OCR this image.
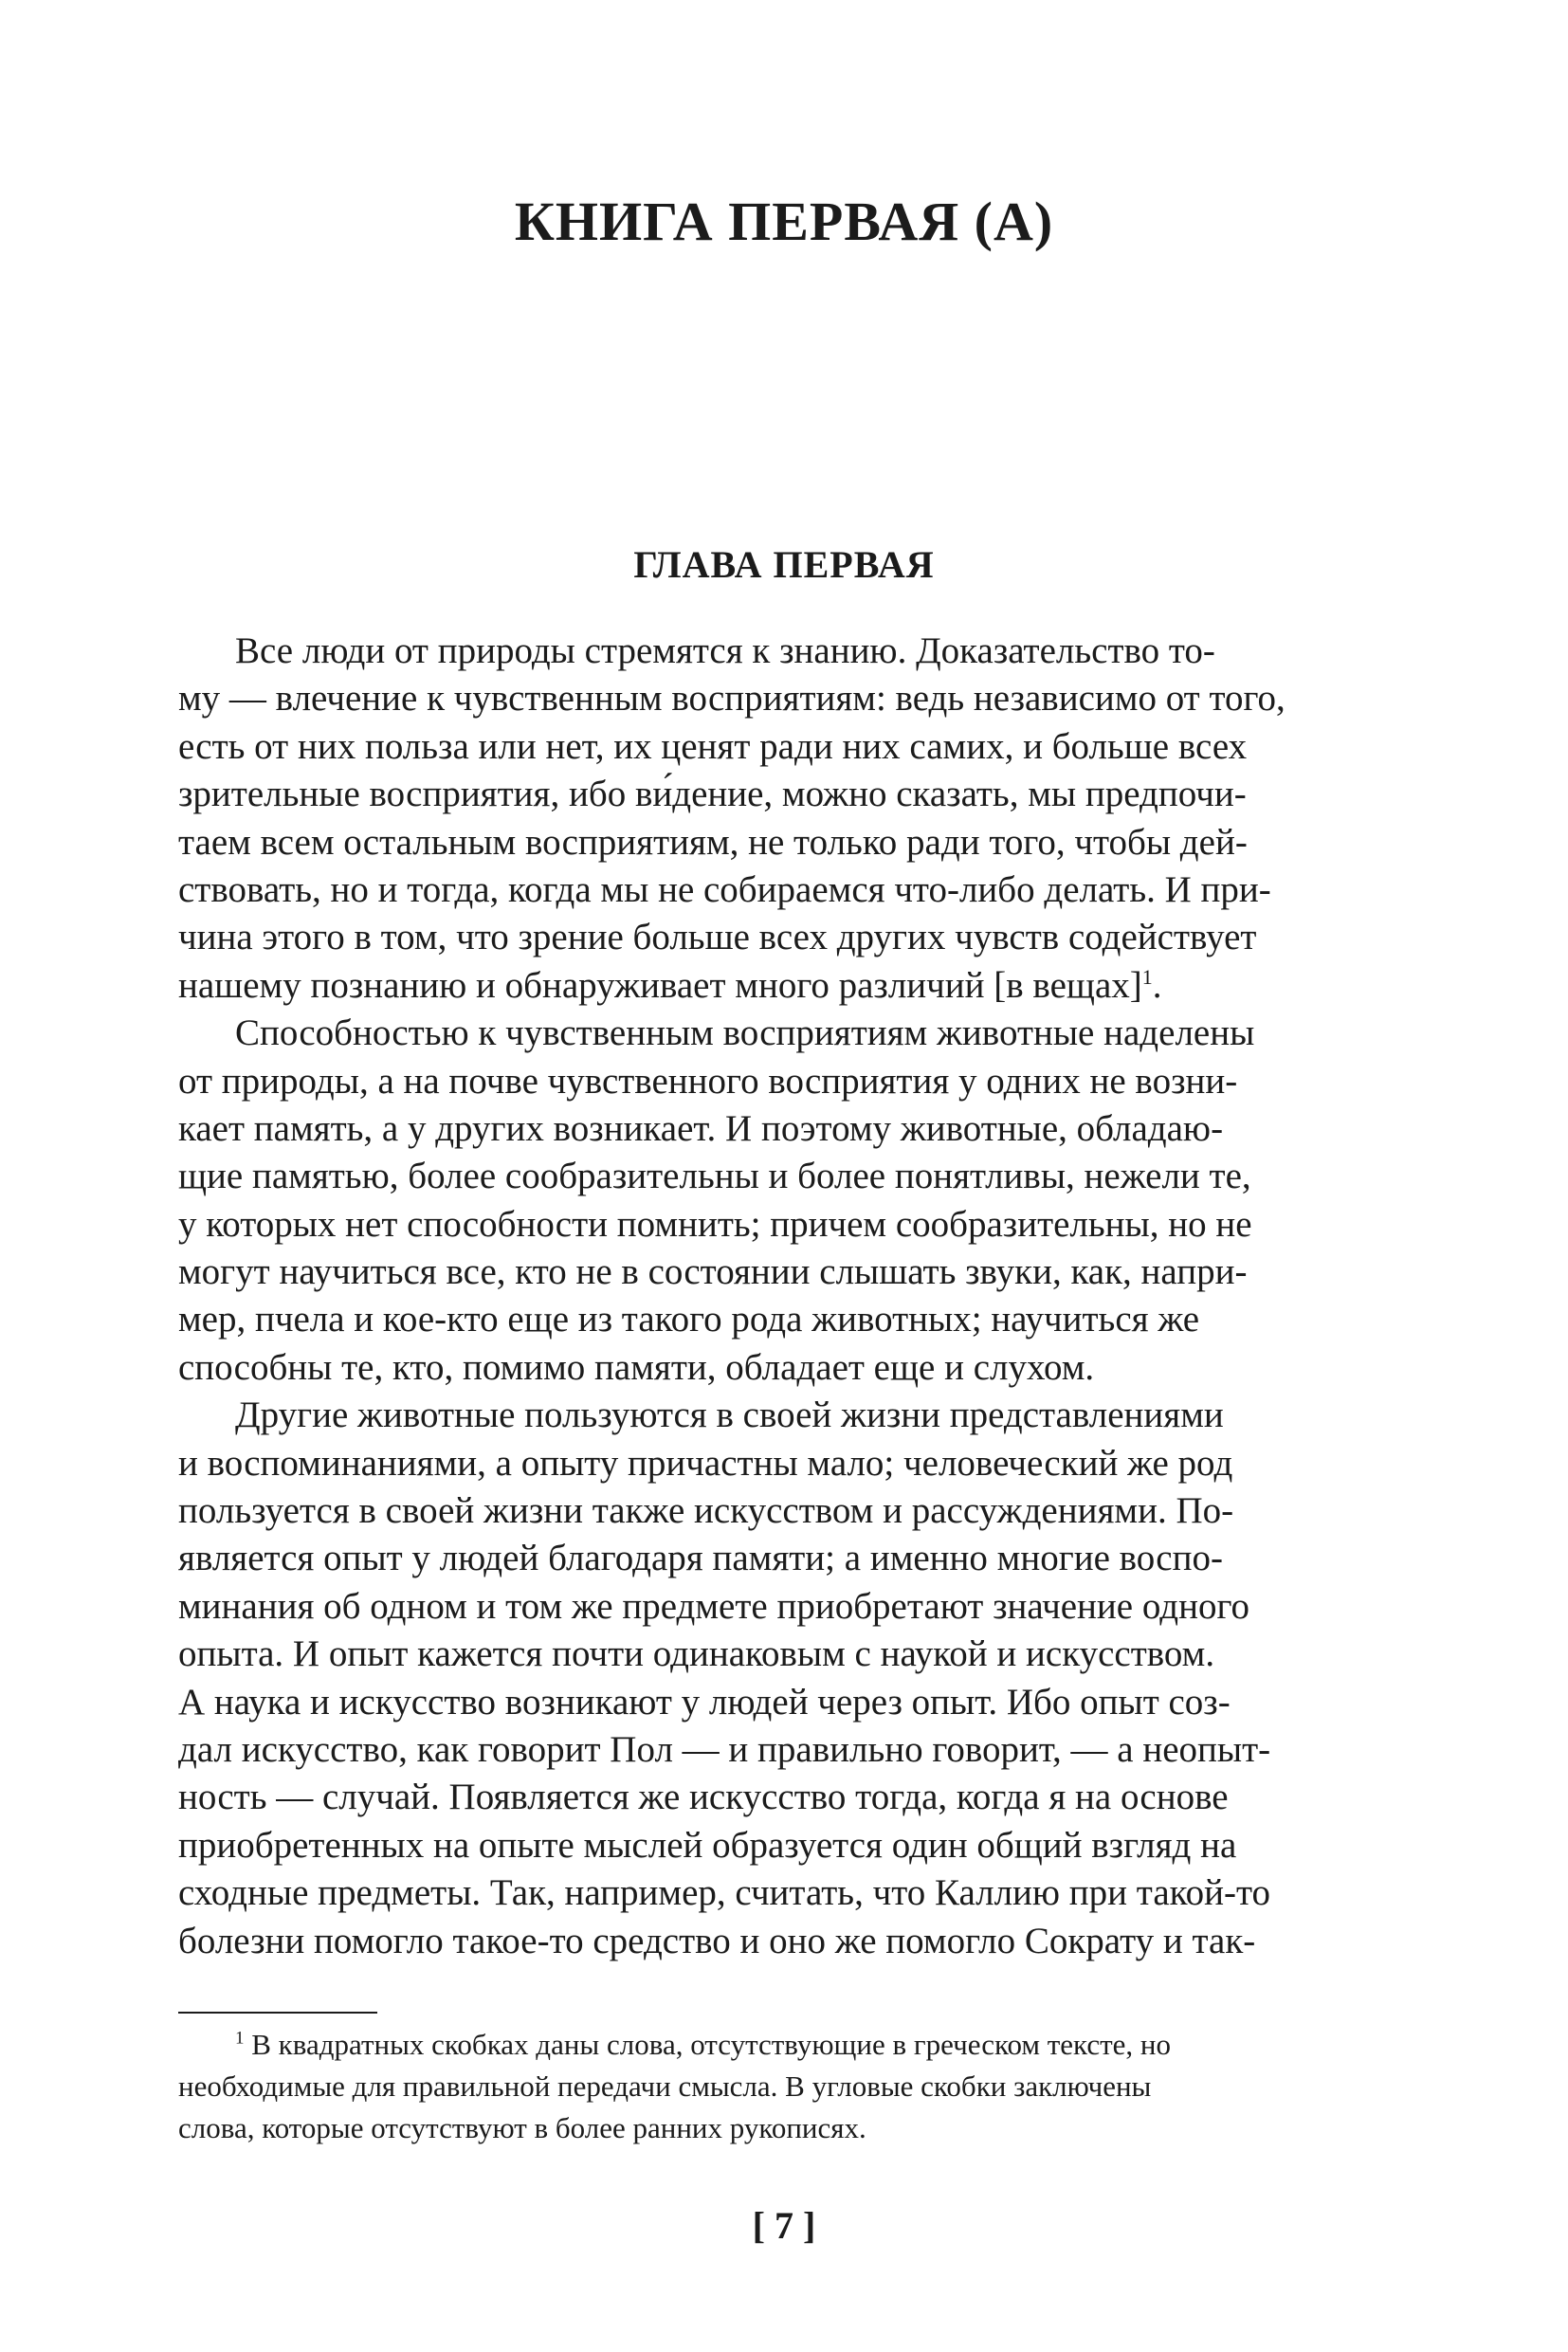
КНИГА ПЕРВАЯ (А)
ГЛАВА ПЕРВАЯ
Все люди от природы стремятся к знанию. Доказательство то-
му — влечение к чувственным восприятиям: ведь независимо от того,
есть от них польза или нет, их ценят ради них самих, и больше всех
зрительные восприятия, ибо ви́дение, можно сказать, мы предпочи-
таем всем остальным восприятиям, не только ради того, чтобы дей-
ствовать, но и тогда, когда мы не собираемся что-либо делать. И при-
чина этого в том, что зрение больше всех других чувств содействует
нашему познанию и обнаруживает много различий [в вещах]$^1$.
Способностью к чувственным восприятиям животные наделены
от природы, а на почве чувственного восприятия у одних не возни-
кает память, а у других возникает. И поэтому животные, обладаю-
щие памятью, более сообразительны и более понятливы, нежели те,
у которых нет способности помнить; причем сообразительны, но не
могут научиться все, кто не в состоянии слышать звуки, как, напри-
мер, пчела и кое-кто еще из такого рода животных; научиться же
способны те, кто, помимо памяти, обладает еще и слухом.
Другие животные пользуются в своей жизни представлениями
и воспоминаниями, а опыту причастны мало; человеческий же род
пользуется в своей жизни также искусством и рассуждениями. По-
является опыт у людей благодаря памяти; а именно многие воспо-
минания об одном и том же предмете приобретают значение одного
опыта. И опыт кажется почти одинаковым с наукой и искусством.
А наука и искусство возникают у людей через опыт. Ибо опыт соз-
дал искусство, как говорит Пол — и правильно говорит, — а неопыт-
ность — случай. Появляется же искусство тогда, когда я на основе
приобретенных на опыте мыслей образуется один общий взгляд на
сходные предметы. Так, например, считать, что Каллию при такой-то
болезни помогло такое-то средство и оно же помогло Сократу и так-
$^1$ В квадратных скобках даны слова, отсутствующие в греческом тексте, но
необходимые для правильной передачи смысла. В угловые скобки заключены
слова, которые отсутствуют в более ранних рукописях.
[ 7 ]
